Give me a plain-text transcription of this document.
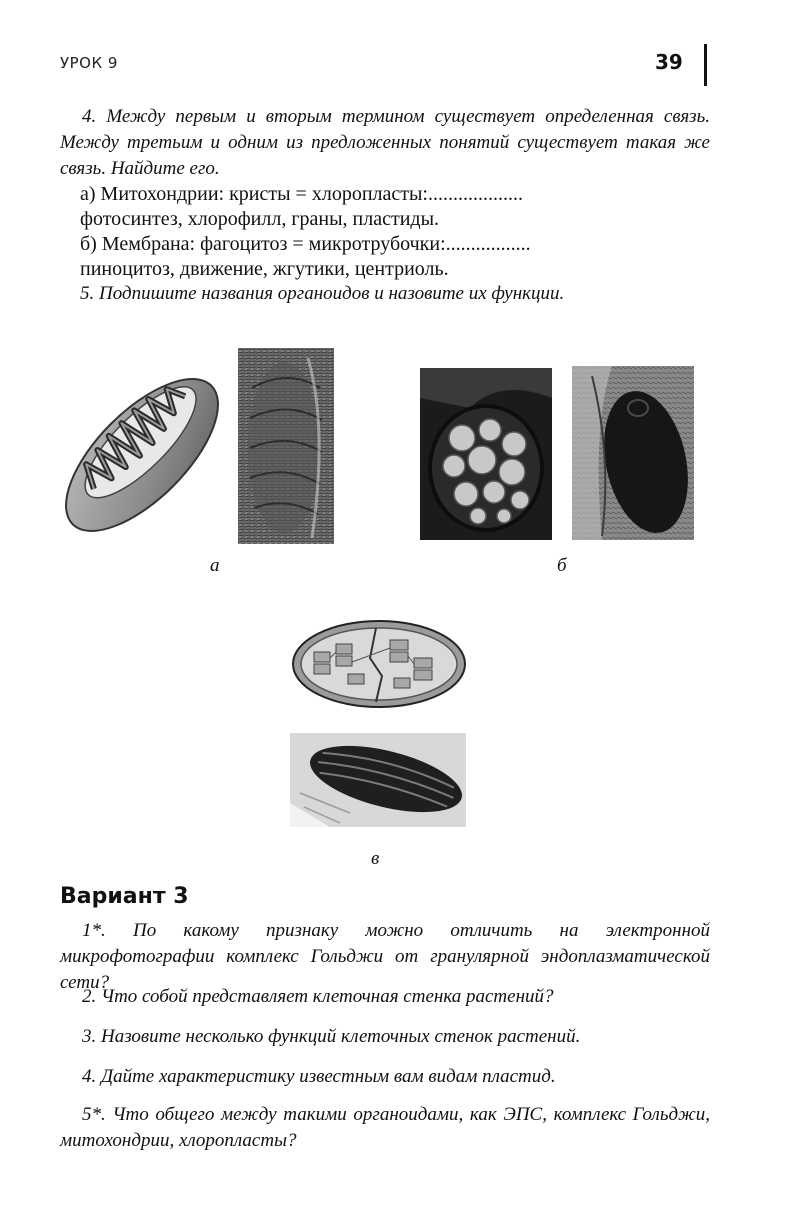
УРОК 9	39
4. Между первым и вторым термином существует определенная связь. Между третьим и одним из предложенных понятий существует такая же связь. Найдите его.
а) Митохондрии: кристы = хлоропласты:...................
фотосинтез, хлорофилл, граны, пластиды.
б) Мембрана: фагоцитоз = микротрубочки:.................
пиноцитоз, движение, жгутики, центриоль.
5. Подпишите названия органоидов и назовите их функции.
а	б
в
Вариант 3
1*. По какому признаку можно отличить на электронной микрофотографии комплекс Гольджи от гранулярной эндоплазматической сети?
2. Что собой представляет клеточная стенка растений?
3. Назовите несколько функций клеточных стенок растений.
4. Дайте характеристику известным вам видам пластид.
5*. Что общего между такими органоидами, как ЭПС, комплекс Гольджи, митохондрии, хлоропласты?
